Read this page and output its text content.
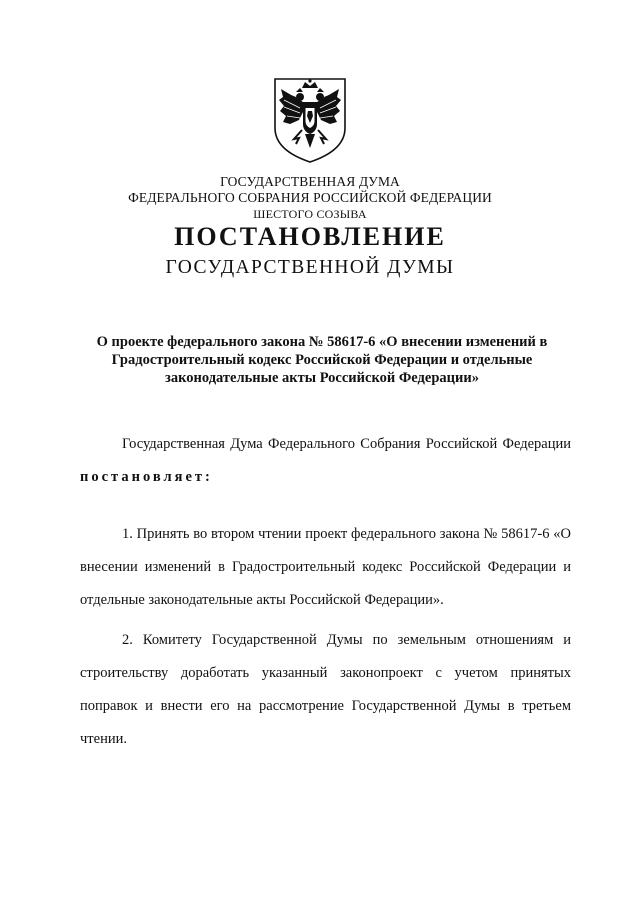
ГОСУДАРСТВЕННАЯ ДУМА
ФЕДЕРАЛЬНОГО СОБРАНИЯ РОССИЙСКОЙ ФЕДЕРАЦИИ
ШЕСТОГО СОЗЫВА
ПОСТАНОВЛЕНИЕ
ГОСУДАРСТВЕННОЙ ДУМЫ
О проекте федерального закона № 58617-6 «О внесении изменений в Градостроительный кодекс Российской Федерации и отдельные законодательные акты Российской Федерации»
Государственная Дума Федерального Собрания Российской Федерации постановляет:
1. Принять во втором чтении проект федерального закона № 58617-6 «О внесении изменений в Градостроительный кодекс Российской Федерации и отдельные законодательные акты Российской Федерации».
2. Комитету Государственной Думы по земельным отношениям и строительству доработать указанный законопроект с учетом принятых поправок и внести его на рассмотрение Государственной Думы в третьем чтении.
